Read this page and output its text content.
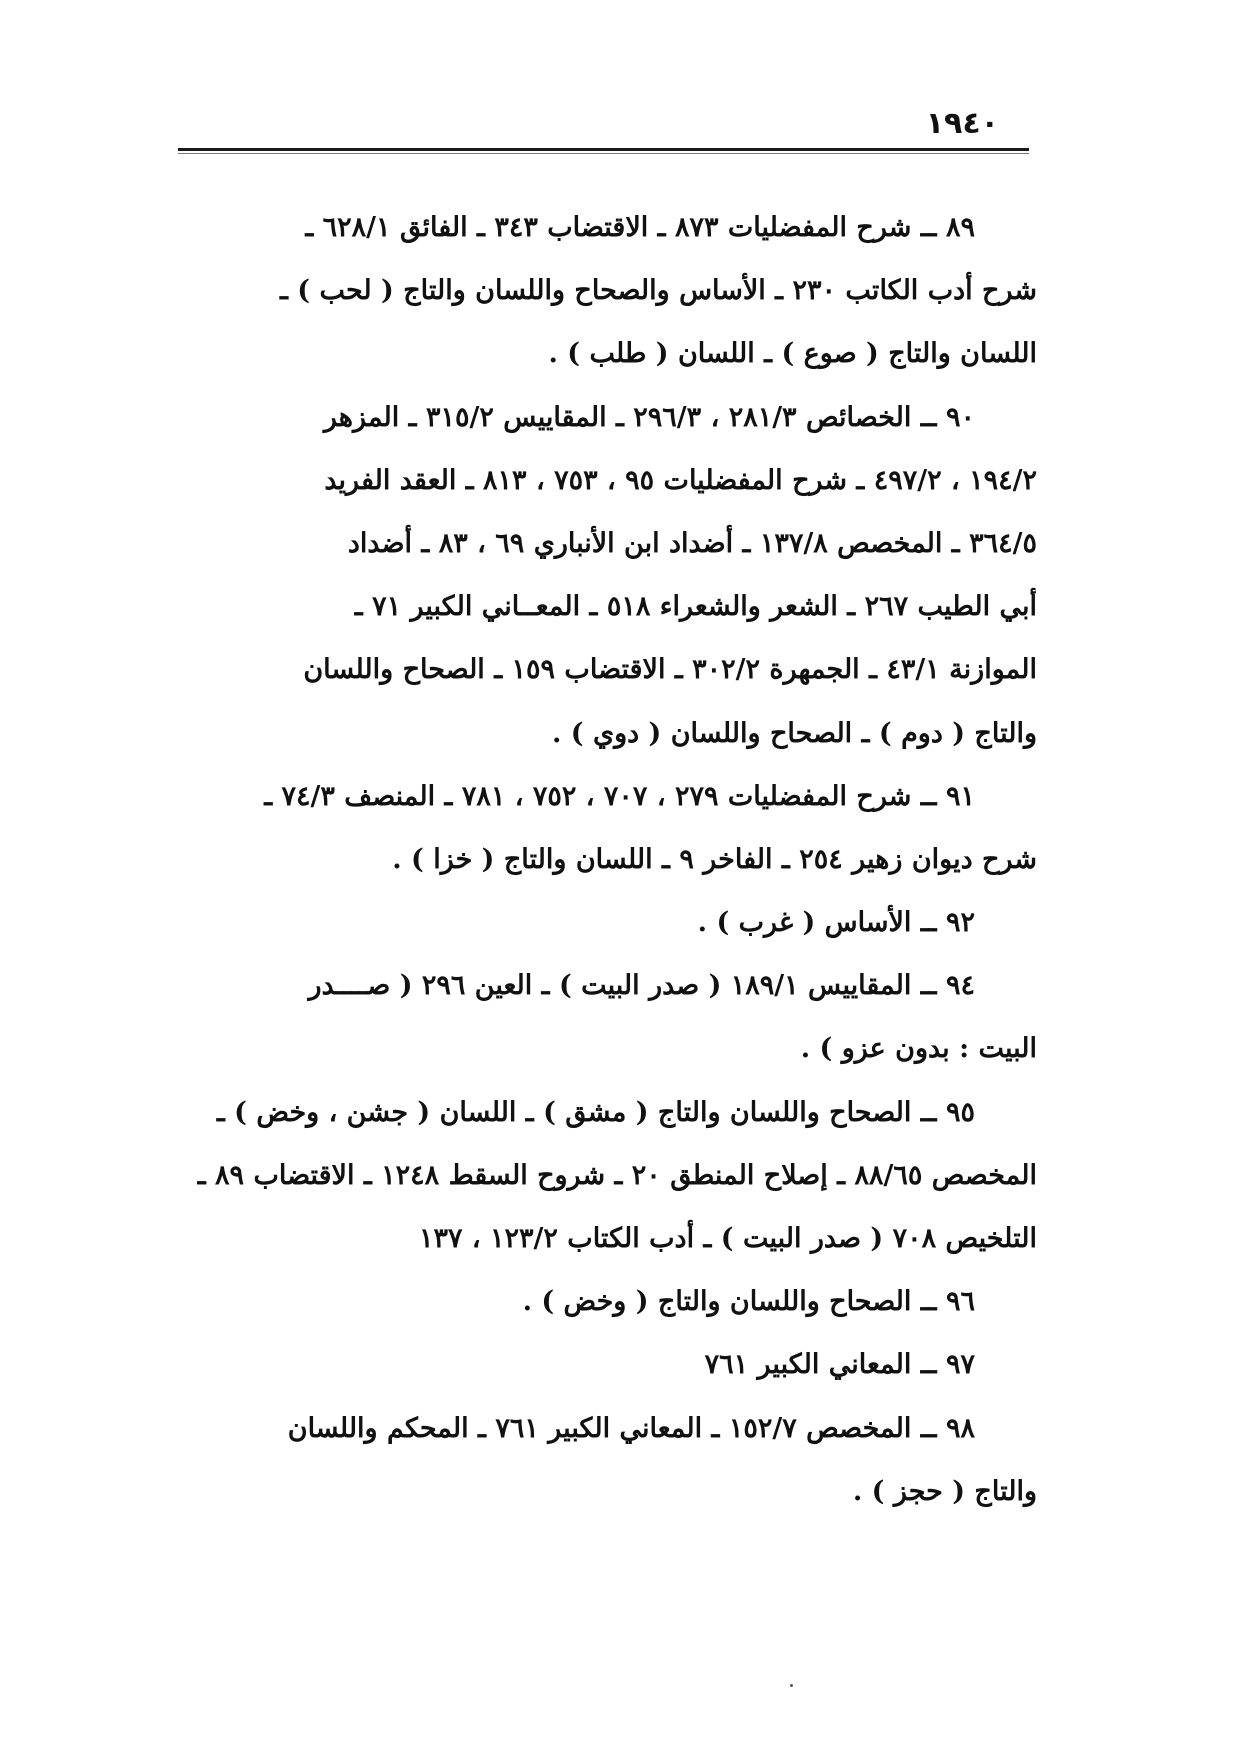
١٩٤٠
٨٩ ــ شرح المفضليات ٨٧٣ ـ الاقتضاب ٣٤٣ ـ الفائق ٦٢٨/١ ـ
شرح أدب الكاتب ٢٣٠ ـ الأساس والصحاح واللسان والتاج ( لحب ) ـ
اللسان والتاج ( صوع ) ـ اللسان ( طلب ) .
٩٠ ــ الخصائص ٢٨١/٣ ، ٢٩٦/٣ ـ المقاييس ٣١٥/٢ ـ المزهر
١٩٤/٢ ، ٤٩٧/٢ ـ شرح المفضليات ٩٥ ، ٧٥٣ ، ٨١٣ ـ العقد الفريد
٣٦٤/٥ ـ المخصص ١٣٧/٨ ـ أضداد ابن الأنباري ٦٩ ، ٨٣ ـ أضداد
أبي الطيب ٢٦٧ ـ الشعر والشعراء ٥١٨ ـ المعــاني الكبير ٧١ ـ
الموازنة ٤٣/١ ـ الجمهرة ٣٠٢/٢ ـ الاقتضاب ١٥٩ ـ الصحاح واللسان
والتاج ( دوم ) ـ الصحاح واللسان ( دوي ) .
٩١ ــ شرح المفضليات ٢٧٩ ، ٧٠٧ ، ٧٥٢ ، ٧٨١ ـ المنصف ٧٤/٣ ـ
شرح ديوان زهير ٢٥٤ ـ الفاخر ٩ ـ اللسان والتاج ( خزا ) .
٩٢ ــ الأساس ( غرب ) .
٩٤ ــ المقاييس ١٨٩/١ ( صدر البيت ) ـ العين ٢٩٦ ( صــــدر
البيت : بدون عزو ) .
٩٥ ــ الصحاح واللسان والتاج ( مشق ) ـ اللسان ( جشن ، وخض ) ـ
المخصص ٨٨/٦٥ ـ إصلاح المنطق ٢٠ ـ شروح السقط ١٢٤٨ ـ الاقتضاب ٨٩ ـ
التلخيص ٧٠٨ ( صدر البيت ) ـ أدب الكتاب ١٢٣/٢ ، ١٣٧
٩٦ ــ الصحاح واللسان والتاج ( وخض ) .
٩٧ ــ المعاني الكبير ٧٦١
٩٨ ــ المخصص ١٥٢/٧ ـ المعاني الكبير ٧٦١ ـ المحكم واللسان
والتاج ( حجز ) .
